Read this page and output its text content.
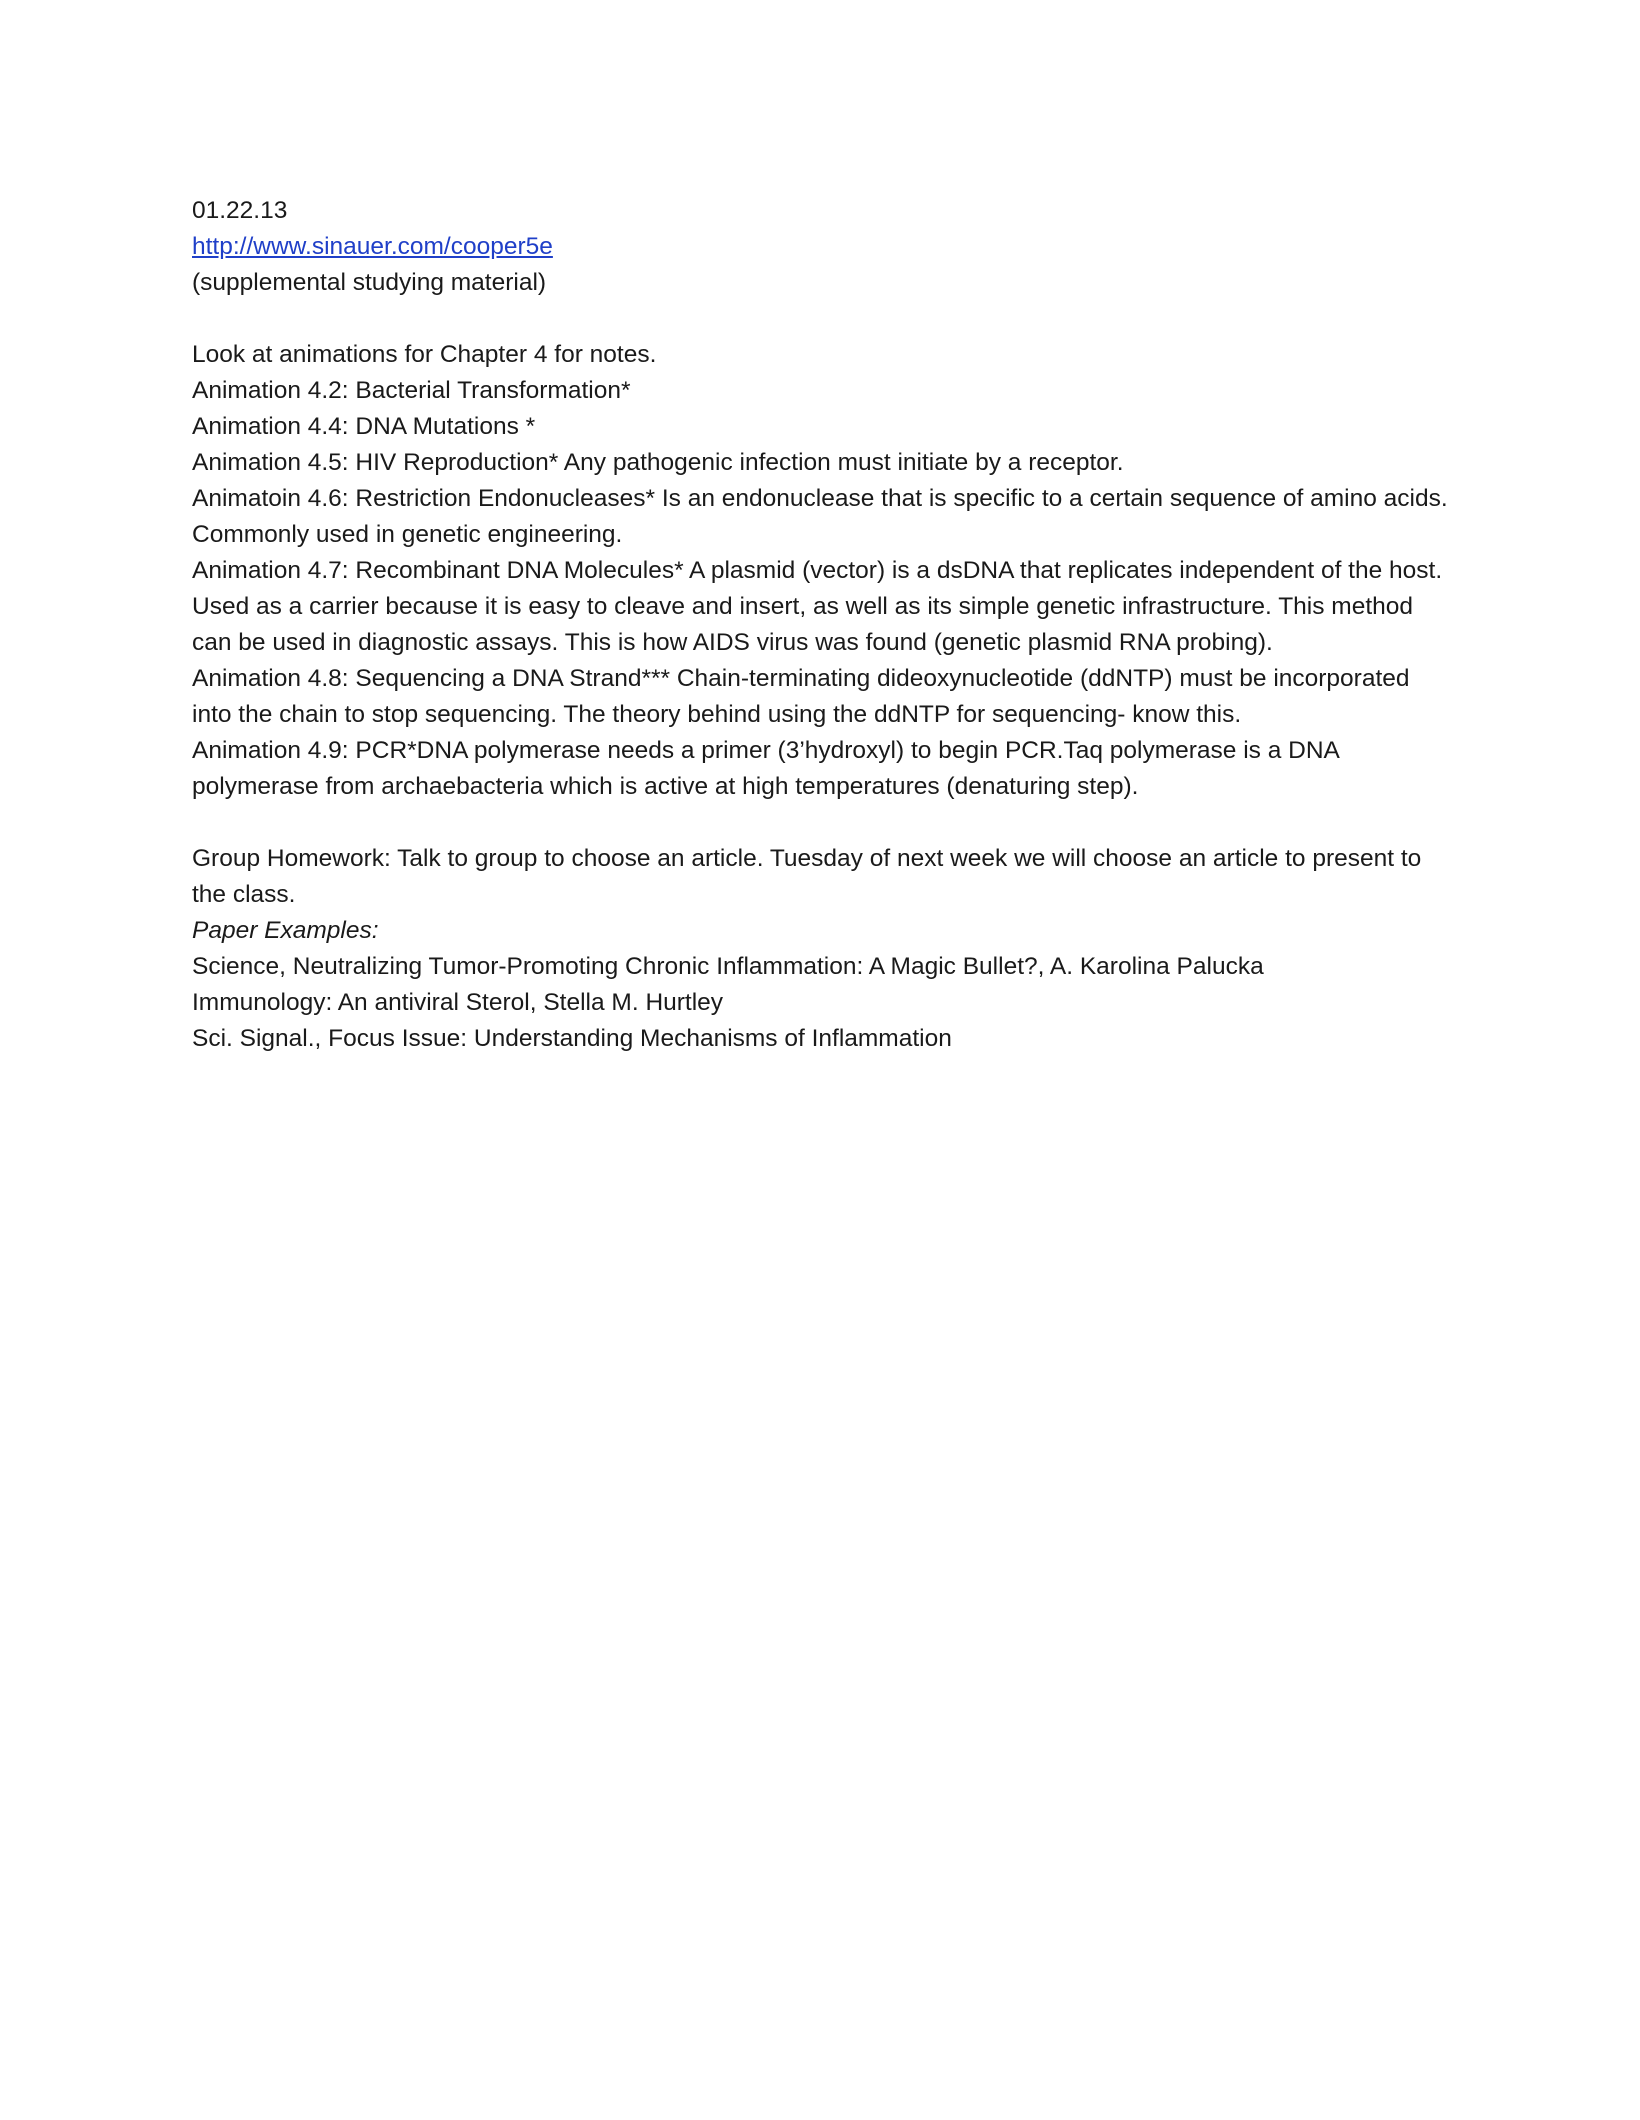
01.22.13
http://www.sinauer.com/cooper5e
(supplemental studying material)
Look at animations for Chapter 4 for notes.
Animation 4.2: Bacterial Transformation*
Animation 4.4: DNA Mutations *
Animation 4.5: HIV Reproduction* Any pathogenic infection must initiate by a receptor.
Animatoin 4.6: Restriction Endonucleases* Is an endonuclease that is specific to a certain sequence of amino acids. Commonly used in genetic engineering.
Animation 4.7: Recombinant DNA Molecules* A plasmid (vector) is a dsDNA that replicates independent of the host. Used as a carrier because it is easy to cleave and insert, as well as its simple genetic infrastructure. This method can be used in diagnostic assays. This is how AIDS virus was found (genetic plasmid RNA probing).
Animation 4.8: Sequencing a DNA Strand*** Chain-terminating dideoxynucleotide (ddNTP) must be incorporated into the chain to stop sequencing. The theory behind using the ddNTP for sequencing- know this.
Animation 4.9: PCR*DNA polymerase needs a primer (3’hydroxyl) to begin PCR.Taq polymerase is a DNA polymerase from archaebacteria which is active at high temperatures (denaturing step).
Group Homework: Talk to group to choose an article. Tuesday of next week we will choose an article to present to the class.
Paper Examples:
Science, Neutralizing Tumor-Promoting Chronic Inflammation: A Magic Bullet?, A. Karolina Palucka
Immunology: An antiviral Sterol, Stella M. Hurtley
Sci. Signal., Focus Issue: Understanding Mechanisms of Inflammation
